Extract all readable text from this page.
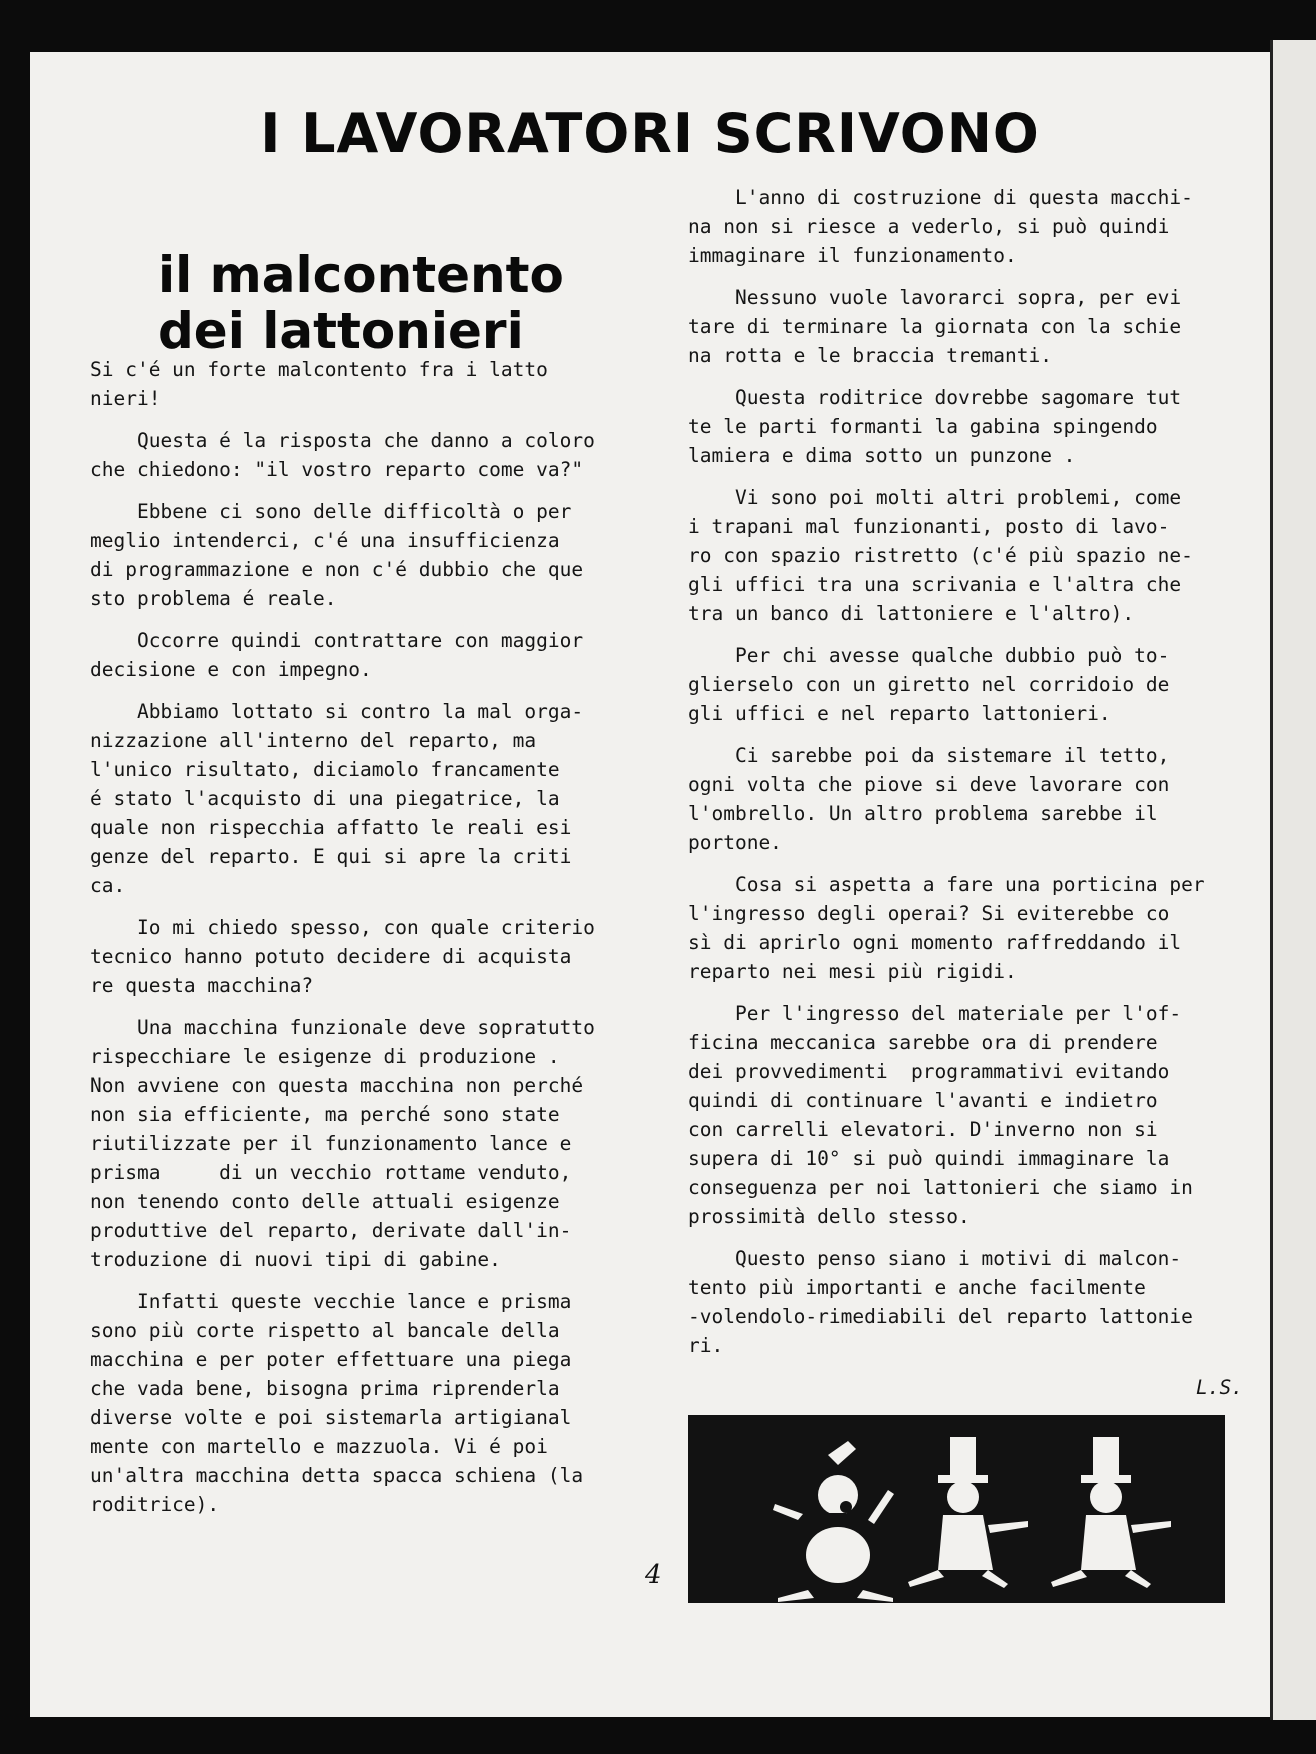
I LAVORATORI SCRIVONO
il malcontento
dei lattonieri

Si c'é un forte malcontento fra i latto
nieri!

Questa é la risposta che danno a coloro
che chiedono: "il vostro reparto come va?"

Ebbene ci sono delle difficoltà o per
meglio intenderci, c'é una insufficienza
di programmazione e non c'é dubbio che que
sto problema é reale.

Occorre quindi contrattare con maggior
decisione e con impegno.

Abbiamo lottato si contro la mal orga-
nizzazione all'interno del reparto, ma
l'unico risultato, diciamolo francamente
é stato l'acquisto di una piegatrice, la
quale non rispecchia affatto le reali esi
genze del reparto. E qui si apre la criti
ca.

Io mi chiedo spesso, con quale criterio
tecnico hanno potuto decidere di acquista
re questa macchina?

Una macchina funzionale deve sopratutto
rispecchiare le esigenze di produzione .
Non avviene con questa macchina non perché
non sia efficiente, ma perché sono state
riutilizzate per il funzionamento lance e
prisma     di un vecchio rottame venduto,
non tenendo conto delle attuali esigenze
produttive del reparto, derivate dall'in-
troduzione di nuovi tipi di gabine.

Infatti queste vecchie lance e prisma
sono più corte rispetto al bancale della
macchina e per poter effettuare una piega
che vada bene, bisogna prima riprenderla
diverse volte e poi sistemarla artigianal
mente con martello e mazzuola. Vi é poi
un'altra macchina detta spacca schiena (la
roditrice).

L'anno di costruzione di questa macchi-
na non si riesce a vederlo, si può quindi
immaginare il funzionamento.

Nessuno vuole lavorarci sopra, per evi
tare di terminare la giornata con la schie
na rotta e le braccia tremanti.

Questa roditrice dovrebbe sagomare tut
te le parti formanti la gabina spingendo
lamiera e dima sotto un punzone .

Vi sono poi molti altri problemi, come
i trapani mal funzionanti, posto di lavo-
ro con spazio ristretto (c'é più spazio ne-
gli uffici tra una scrivania e l'altra che
tra un banco di lattoniere e l'altro).

Per chi avesse qualche dubbio può to-
glierselo con un giretto nel corridoio de
gli uffici e nel reparto lattonieri.

Ci sarebbe poi da sistemare il tetto,
ogni volta che piove si deve lavorare con
l'ombrello. Un altro problema sarebbe il
portone.

Cosa si aspetta a fare una porticina per
l'ingresso degli operai? Si eviterebbe co
sì di aprirlo ogni momento raffreddando il
reparto nei mesi più rigidi.

Per l'ingresso del materiale per l'of-
ficina meccanica sarebbe ora di prendere
dei provvedimenti  programmativi evitando
quindi di continuare l'avanti e indietro
con carrelli elevatori. D'inverno non si
supera di 10° si può quindi immaginare la
conseguenza per noi lattonieri che siamo in
prossimità dello stesso.

Questo penso siano i motivi di malcon-
tento più importanti e anche facilmente
-volendolo-rimediabili del reparto lattonie
ri.

L.S.

4
